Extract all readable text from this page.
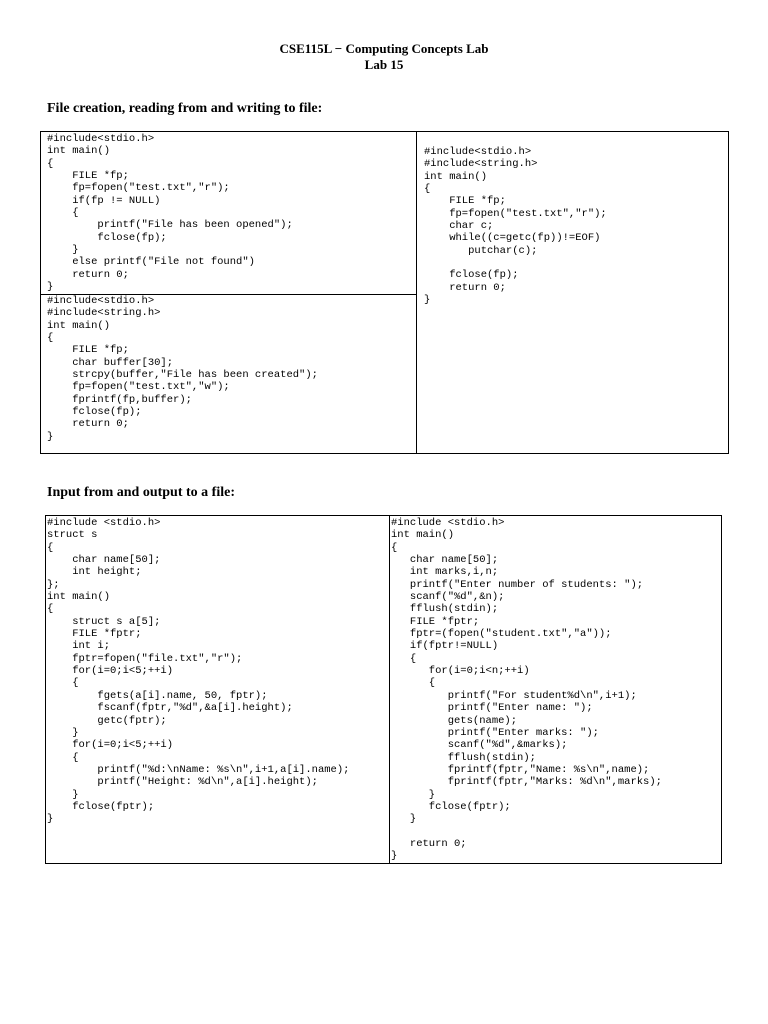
CSE115L − Computing Concepts Lab
Lab 15
File creation, reading from and writing to file:
#include<stdio.h>
int main()
{
FILE *fp;
fp=fopen("test.txt","r");
if(fp != NULL)
{
printf("File has been opened");
fclose(fp);
}
else printf("File not found")
return 0;
}
#include<stdio.h>
#include<string.h>
int main()
{
FILE *fp;
char buffer[30];
strcpy(buffer,"File has been created");
fp=fopen("test.txt","w");
fprintf(fp,buffer);
fclose(fp);
return 0;
}
#include<stdio.h>
#include<string.h>
int main()
{
FILE *fp;
fp=fopen("test.txt","r");
char c;
while((c=getc(fp))!=EOF)
putchar(c);

fclose(fp);
return 0;
}
Input from and output to a file:
#include <stdio.h>
struct s
{
char name[50];
int height;
};
int main()
{
struct s a[5];
FILE *fptr;
int i;
fptr=fopen("file.txt","r");
for(i=0;i<5;++i)
{
fgets(a[i].name, 50, fptr);
fscanf(fptr,"%d",&a[i].height);
getc(fptr);
}
for(i=0;i<5;++i)
{
printf("%d:\nName: %s\n",i+1,a[i].name);
printf("Height: %d\n",a[i].height);
}
fclose(fptr);
}
#include <stdio.h>
int main()
{
char name[50];
int marks,i,n;
printf("Enter number of students: ");
scanf("%d",&n);
fflush(stdin);
FILE *fptr;
fptr=(fopen("student.txt","a"));
if(fptr!=NULL)
{
for(i=0;i<n;++i)
{
printf("For student%d\n",i+1);
printf("Enter name: ");
gets(name);
printf("Enter marks: ");
scanf("%d",&marks);
fflush(stdin);
fprintf(fptr,"Name: %s\n",name);
fprintf(fptr,"Marks: %d\n",marks);
}
fclose(fptr);
}

return 0;
}
